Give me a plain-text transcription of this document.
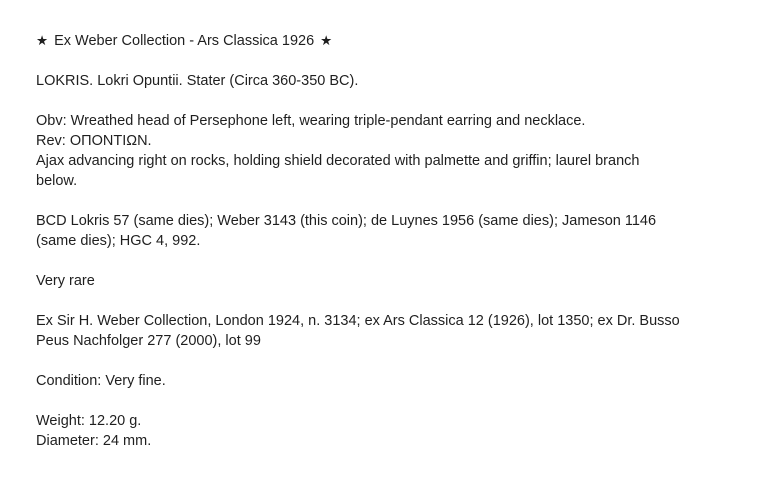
★ Ex Weber Collection - Ars Classica 1926 ★
LOKRIS. Lokri Opuntii. Stater (Circa 360-350 BC).
Obv: Wreathed head of Persephone left, wearing triple-pendant earring and necklace.
Rev: ΟΠΟΝΤΙΩΝ.
Ajax advancing right on rocks, holding shield decorated with palmette and griffin; laurel branch
below.
BCD Lokris 57 (same dies); Weber 3143 (this coin); de Luynes 1956 (same dies); Jameson 1146
(same dies); HGC 4, 992.
Very rare
Ex Sir H. Weber Collection, London 1924, n. 3134; ex Ars Classica 12 (1926), lot 1350; ex Dr. Busso
Peus Nachfolger 277 (2000), lot 99
Condition: Very fine.
Weight: 12.20 g.
Diameter: 24 mm.
